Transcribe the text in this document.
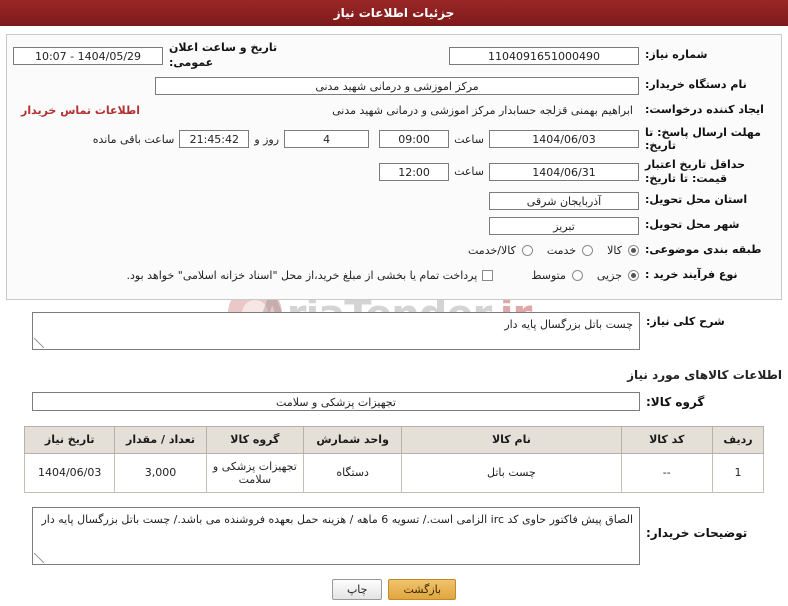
جزئیات اطلاعات نیاز
شماره نیاز:
1104091651000490
تاریخ و ساعت اعلان عمومی:
1404/05/29 - 10:07
نام دستگاه خریدار:
مرکز اموزشی و درمانی شهید مدنی
ایجاد کننده درخواست:
ابراهیم بهمنی قزلجه حسابدار مرکز اموزشی و درمانی شهید مدنی
اطلاعات تماس خریدار
مهلت ارسال پاسخ: تا تاریخ:
1404/06/03
ساعت
09:00
4
روز و
21:45:42
ساعت باقی مانده
حداقل تاریخ اعتبار قیمت: تا تاریخ:
1404/06/31
ساعت
12:00
استان محل تحویل:
آذربایجان شرقی
شهر محل تحویل:
تبریز
طبقه بندی موضوعی:
کالا
خدمت
کالا/خدمت
نوع فرآیند خرید :
جزیی
متوسط
پرداخت تمام یا بخشی از مبلغ خرید،از محل "اسناد خزانه اسلامی" خواهد بود.
شرح کلی نیاز:
چست باتل بزرگسال پایه دار
اطلاعات کالاهای مورد نیاز
گروه کالا:
تجهیزات پزشکی و سلامت
ردیف	کد کالا	نام کالا	واحد شمارش	گروه کالا	تعداد / مقدار	تاریخ نیاز
1	--	چست باتل	دستگاه	تجهیزات پزشکی و سلامت	3,000	1404/06/03
توضیحات خریدار:
الصاق پیش فاکتور حاوی کد irc الزامی است./ تسویه 6 ماهه / هزینه حمل بعهده فروشنده می باشد./ چست باتل بزرگسال پایه دار
بازگشت
چاپ
